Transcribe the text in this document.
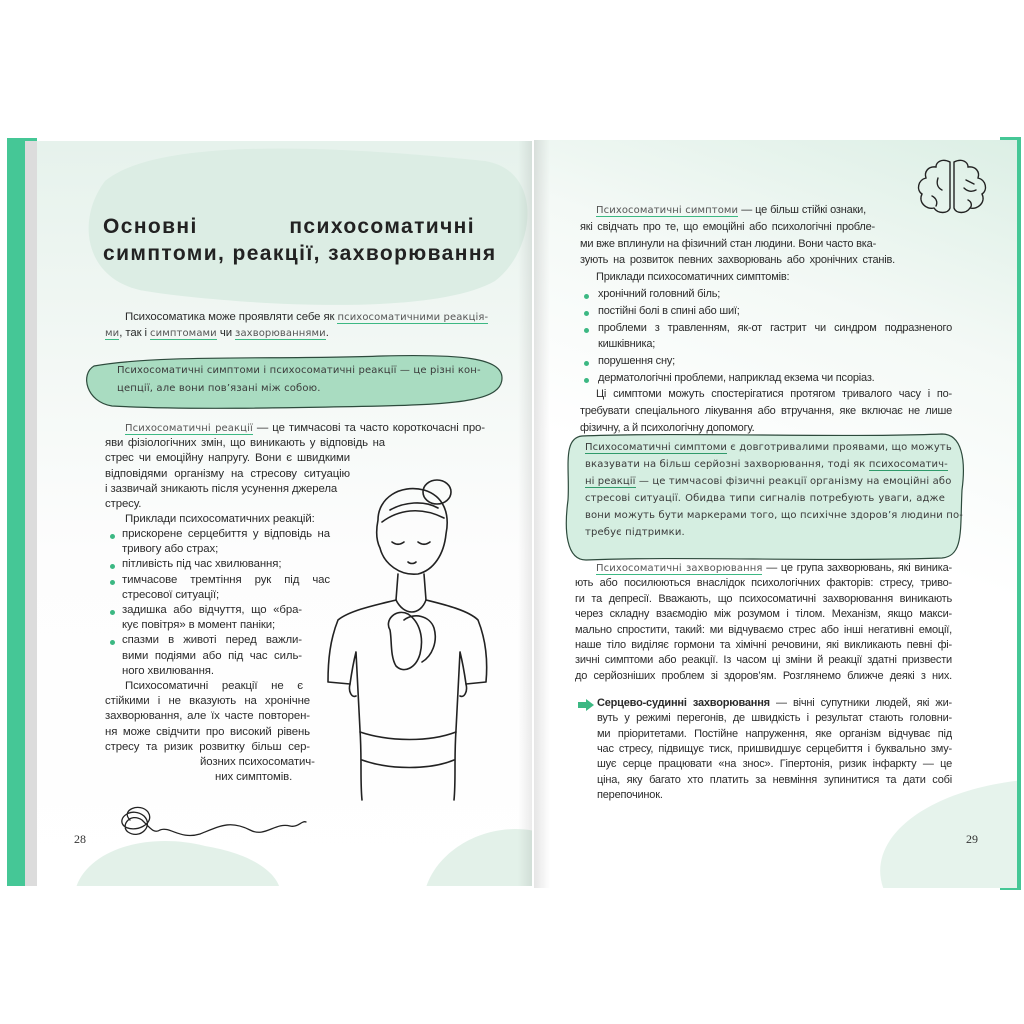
Основні психосоматичні
симптоми, реакції, захворювання
Психосоматика може проявляти себе як психосоматичними реакція-
ми, так і симптомами чи захворюваннями.
Психосоматичні симптоми і психосоматичні реакції — це різні кон-
цепції, але вони пов’язані між собою.
Психосоматичні реакції — це тимчасові та часто короткочасні про-
яви фізіологічних змін, що виникають у відповідь на
стрес чи емоційну напругу. Вони є швидкими
відповідями організму на стресову ситуацію
і зазвичай зникають після усунення джерела
стресу.
Приклади психосоматичних реакцій:
прискорене серцебиття у відповідь на
тривогу або страх;
пітливість під час хвилювання;
тимчасове тремтіння рук під час
стресової ситуації;
задишка або відчуття, що «бра-
кує повітря» в момент паніки;
спазми в животі перед важли-
вими подіями або під час силь-
ного хвилювання.
Психосоматичні реакції не є
стійкими і не вказують на хронічне
захворювання, але їх часте повторен-
ня може свідчити про високий рівень
стресу та ризик розвитку більш сер-
йозних психосоматич-
них симптомів.
Психосоматичні симптоми — це більш стійкі ознаки,
які свідчать про те, що емоційні або психологічні пробле-
ми вже вплинули на фізичний стан людини. Вони часто вка-
зують на розвиток певних захворювань або хронічних станів.
Приклади психосоматичних симптомів:
хронічний головний біль;
постійні болі в спині або шиї;
проблеми з травленням, як-от гастрит чи синдром подразненого
кишківника;
порушення сну;
дерматологічні проблеми, наприклад екзема чи псоріаз.
Ці симптоми можуть спостерігатися протягом тривалого часу і по-
требувати спеціального лікування або втручання, яке включає не лише
фізичну, а й психологічну допомогу.
Психосоматичні симптоми є довготривалими проявами, що можуть
вказувати на більш серйозні захворювання, тоді як психосоматич-
ні реакції — це тимчасові фізичні реакції організму на емоційні або
стресові ситуації. Обидва типи сигналів потребують уваги, адже
вони можуть бути маркерами того, що психічне здоров’я людини по-
требує підтримки.
Психосоматичні захворювання — це група захворювань, які виника-
ють або посилюються внаслідок психологічних факторів: стресу, триво-
ги та депресії. Вважають, що психосоматичні захворювання виникають
через складну взаємодію між розумом і тілом. Механізм, якщо макси-
мально спростити, такий: ми відчуваємо стрес або інші негативні емоції,
наше тіло виділяє гормони та хімічні речовини, які викликають певні фі-
зичні симптоми або реакції. Із часом ці зміни й реакції здатні призвести
до серйозніших проблем зі здоров’ям. Розглянемо ближче деякі з них.
Серцево-судинні захворювання — вічні супутники людей, які жи-
вуть у режимі перегонів, де швидкість і результат стають головни-
ми пріоритетами. Постійне напруження, яке організм відчуває під
час стресу, підвищує тиск, пришвидшує серцебиття і буквально зму-
шує серце працювати «на знос». Гіпертонія, ризик інфаркту — це
ціна, яку багато хто платить за невміння зупинитися та дати собі
перепочинок.
28	29
